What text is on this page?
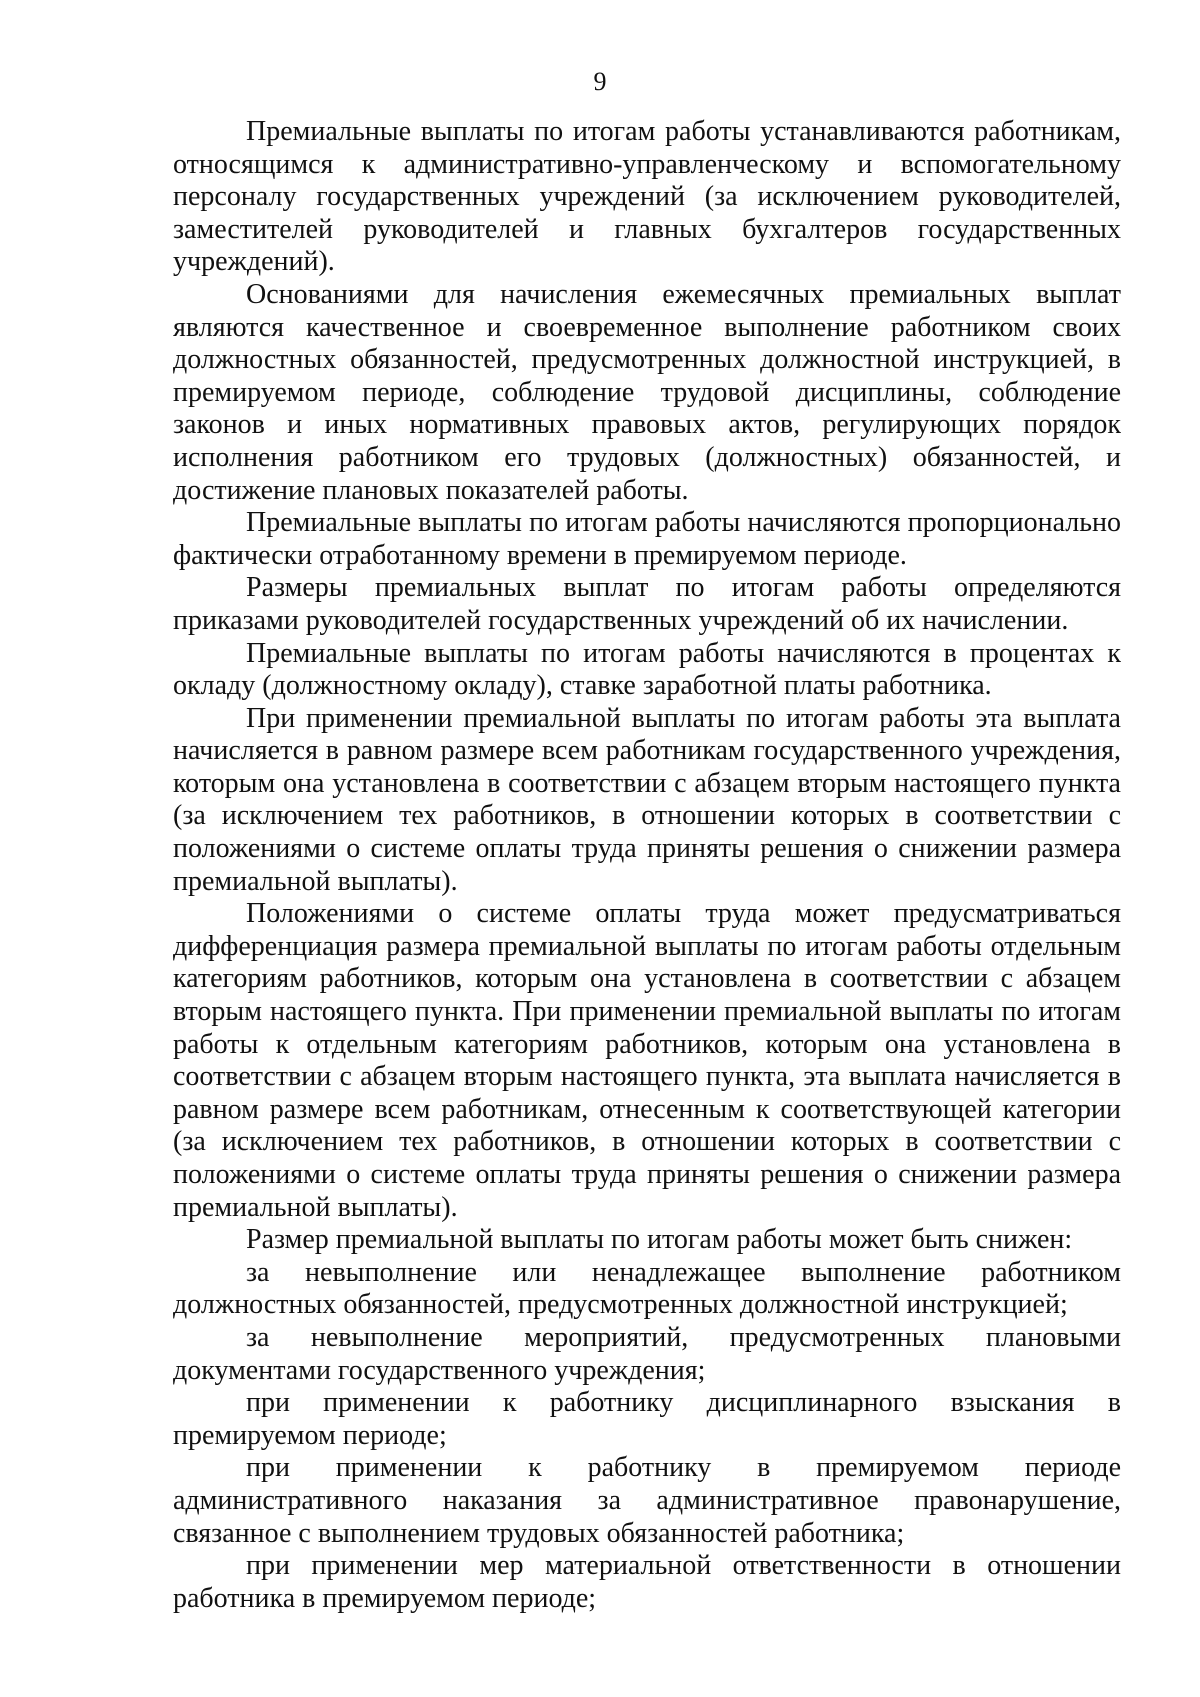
9

Премиальные выплаты по итогам работы устанавливаются работникам, относящимся к административно-управленческому и вспомогательному персоналу государственных учреждений (за исключением руководителей, заместителей руководителей и главных бухгалтеров государственных учреждений).

Основаниями для начисления ежемесячных премиальных выплат являются качественное и своевременное выполнение работником своих должностных обязанностей, предусмотренных должностной инструкцией, в премируемом периоде, соблюдение трудовой дисциплины, соблюдение законов и иных нормативных правовых актов, регулирующих порядок исполнения работником его трудовых (должностных) обязанностей, и достижение плановых показателей работы.

Премиальные выплаты по итогам работы начисляются пропорционально фактически отработанному времени в премируемом периоде.

Размеры премиальных выплат по итогам работы определяются приказами руководителей государственных учреждений об их начислении.

Премиальные выплаты по итогам работы начисляются в процентах к окладу (должностному окладу), ставке заработной платы работника.

При применении премиальной выплаты по итогам работы эта выплата начисляется в равном размере всем работникам государственного учреждения, которым она установлена в соответствии с абзацем вторым настоящего пункта (за исключением тех работников, в отношении которых в соответствии с положениями о системе оплаты труда приняты решения о снижении размера премиальной выплаты).

Положениями о системе оплаты труда может предусматриваться дифференциация размера премиальной выплаты по итогам работы отдельным категориям работников, которым она установлена в соответствии с абзацем вторым настоящего пункта. При применении премиальной выплаты по итогам работы к отдельным категориям работников, которым она установлена в соответствии с абзацем вторым настоящего пункта, эта выплата начисляется в равном размере всем работникам, отнесенным к соответствующей категории (за исключением тех работников, в отношении которых в соответствии с положениями о системе оплаты труда приняты решения о снижении размера премиальной выплаты).

Размер премиальной выплаты по итогам работы может быть снижен:

за невыполнение или ненадлежащее выполнение работником должностных обязанностей, предусмотренных должностной инструкцией;

за невыполнение мероприятий, предусмотренных плановыми документами государственного учреждения;

при применении к работнику дисциплинарного взыскания в премируемом периоде;

при применении к работнику в премируемом периоде административного наказания за административное правонарушение, связанное с выполнением трудовых обязанностей работника;

при применении мер материальной ответственности в отношении работника в премируемом периоде;
